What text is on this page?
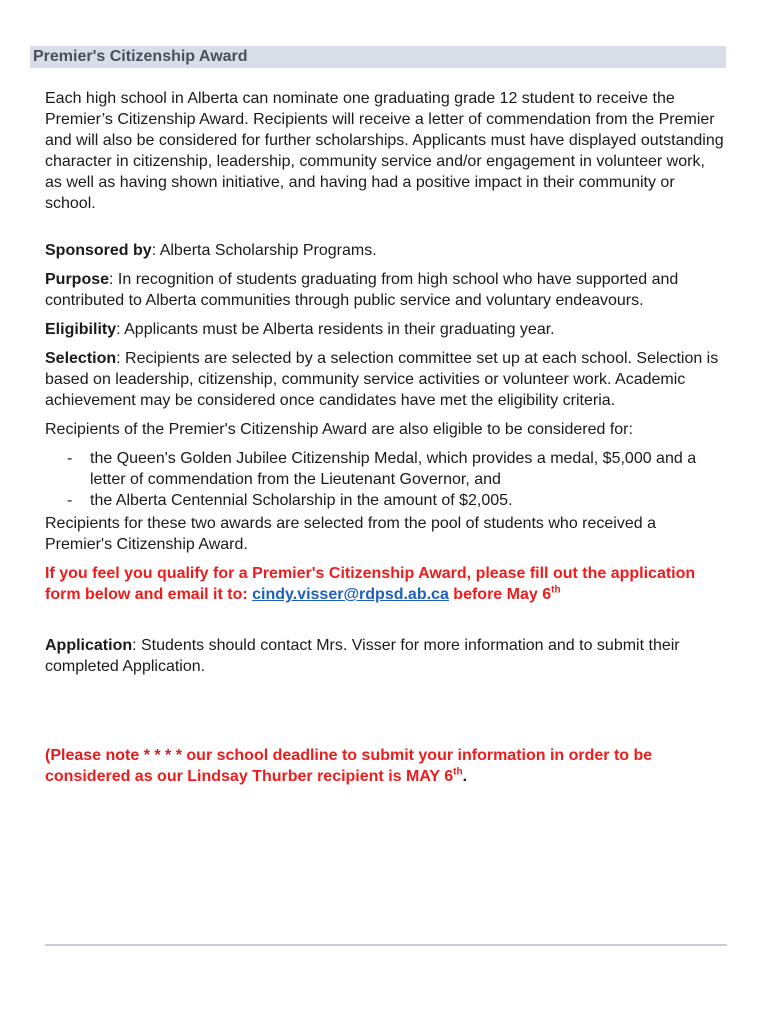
Premier's Citizenship Award

Each high school in Alberta can nominate one graduating grade 12 student to receive the Premier’s Citizenship Award. Recipients will receive a letter of commendation from the Premier and will also be considered for further scholarships. Applicants must have displayed outstanding character in citizenship, leadership, community service and/or engagement in volunteer work, as well as having shown initiative, and having had a positive impact in their community or school.

Sponsored by: Alberta Scholarship Programs.

Purpose: In recognition of students graduating from high school who have supported and contributed to Alberta communities through public service and voluntary endeavours.

Eligibility: Applicants must be Alberta residents in their graduating year.

Selection: Recipients are selected by a selection committee set up at each school. Selection is based on leadership, citizenship, community service activities or volunteer work. Academic achievement may be considered once candidates have met the eligibility criteria.

Recipients of the Premier's Citizenship Award are also eligible to be considered for:

- the Queen's Golden Jubilee Citizenship Medal, which provides a medal, $5,000 and a letter of commendation from the Lieutenant Governor, and
- the Alberta Centennial Scholarship in the amount of $2,005.

Recipients for these two awards are selected from the pool of students who received a Premier's Citizenship Award.

If you feel you qualify for a Premier's Citizenship Award, please fill out the application form below and email it to: cindy.visser@rdpsd.ab.ca before May 6th

Application: Students should contact Mrs. Visser for more information and to submit their completed Application.

(Please note * * * * our school deadline to submit your information in order to be considered as our Lindsay Thurber recipient is MAY 6th.
